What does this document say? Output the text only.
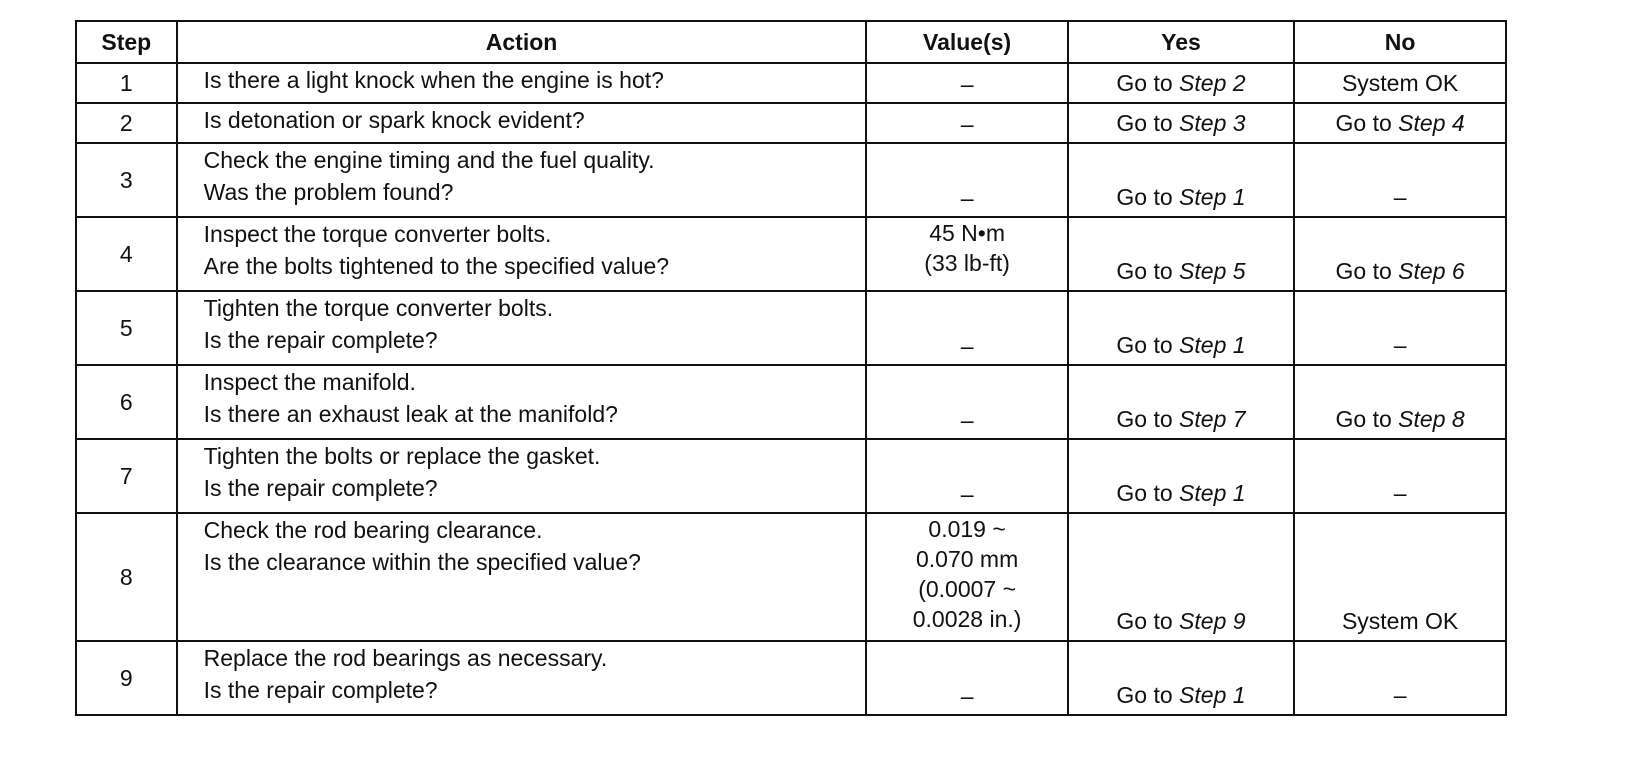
Step	Action	Value(s)	Yes	No
1	Is there a light knock when the engine is hot?	–	Go to Step 2	System OK
2	Is detonation or spark knock evident?	–	Go to Step 3	Go to Step 4
3	Check the engine timing and the fuel quality.
Was the problem found?	–	Go to Step 1	–
4	Inspect the torque converter bolts.
Are the bolts tightened to the specified value?	45 N•m
(33 lb-ft)	Go to Step 5	Go to Step 6
5	Tighten the torque converter bolts.
Is the repair complete?	–	Go to Step 1	–
6	Inspect the manifold.
Is there an exhaust leak at the manifold?	–	Go to Step 7	Go to Step 8
7	Tighten the bolts or replace the gasket.
Is the repair complete?	–	Go to Step 1	–
8	Check the rod bearing clearance.
Is the clearance within the specified value?	0.019 ~
0.070 mm
(0.0007 ~
0.0028 in.)	Go to Step 9	System OK
9	Replace the rod bearings as necessary.
Is the repair complete?	–	Go to Step 1	–
